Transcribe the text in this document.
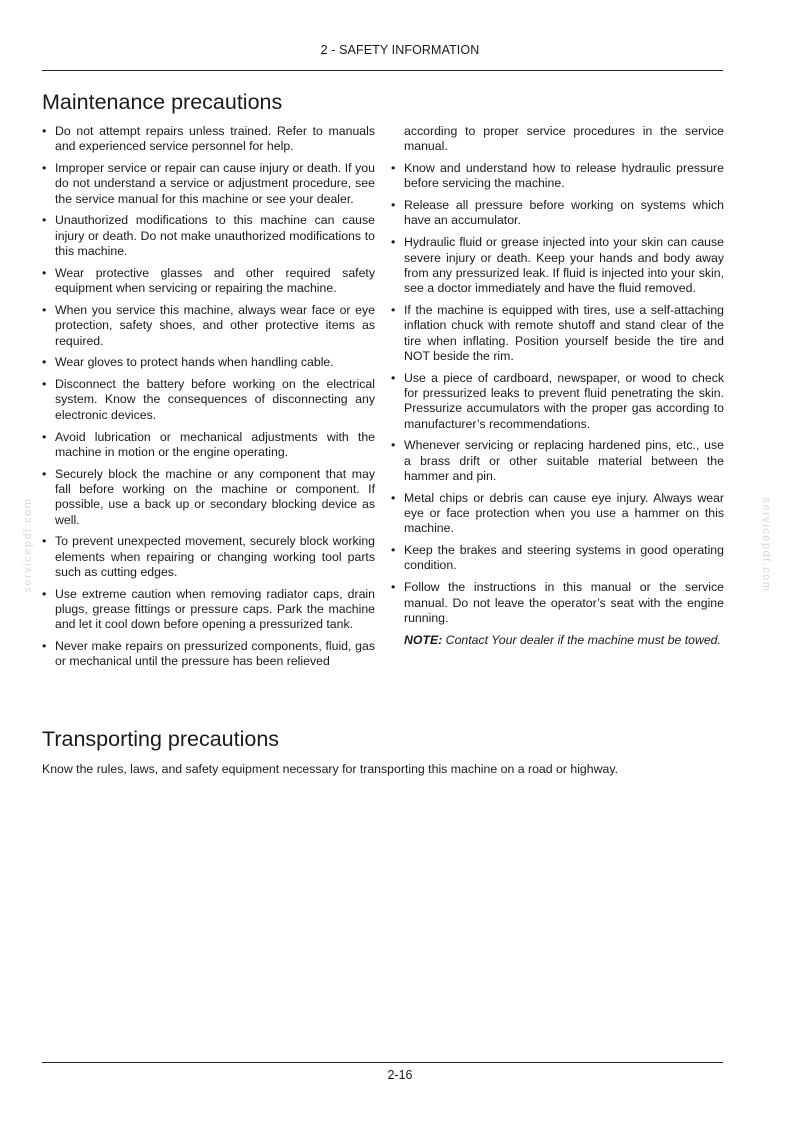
2 - SAFETY INFORMATION
Maintenance precautions
• Do not attempt repairs unless trained. Refer to manuals and experienced service personnel for help.
• Improper service or repair can cause injury or death. If you do not understand a service or adjustment procedure, see the service manual for this machine or see your dealer.
• Unauthorized modifications to this machine can cause injury or death. Do not make unauthorized modifications to this machine.
• Wear protective glasses and other required safety equipment when servicing or repairing the machine.
• When you service this machine, always wear face or eye protection, safety shoes, and other protective items as required.
• Wear gloves to protect hands when handling cable.
• Disconnect the battery before working on the electrical system. Know the consequences of disconnecting any electronic devices.
• Avoid lubrication or mechanical adjustments with the machine in motion or the engine operating.
• Securely block the machine or any component that may fall before working on the machine or component. If possible, use a back up or secondary blocking device as well.
• To prevent unexpected movement, securely block working elements when repairing or changing working tool parts such as cutting edges.
• Use extreme caution when removing radiator caps, drain plugs, grease fittings or pressure caps. Park the machine and let it cool down before opening a pressurized tank.
• Never make repairs on pressurized components, fluid, gas or mechanical until the pressure has been relieved
according to proper service procedures in the service manual.
• Know and understand how to release hydraulic pressure before servicing the machine.
• Release all pressure before working on systems which have an accumulator.
• Hydraulic fluid or grease injected into your skin can cause severe injury or death. Keep your hands and body away from any pressurized leak. If fluid is injected into your skin, see a doctor immediately and have the fluid removed.
• If the machine is equipped with tires, use a self-attaching inflation chuck with remote shutoff and stand clear of the tire when inflating. Position yourself beside the tire and NOT beside the rim.
• Use a piece of cardboard, newspaper, or wood to check for pressurized leaks to prevent fluid penetrating the skin. Pressurize accumulators with the proper gas according to manufacturer’s recommendations.
• Whenever servicing or replacing hardened pins, etc., use a brass drift or other suitable material between the hammer and pin.
• Metal chips or debris can cause eye injury. Always wear eye or face protection when you use a hammer on this machine.
• Keep the brakes and steering systems in good operating condition.
• Follow the instructions in this manual or the service manual. Do not leave the operator’s seat with the engine running.
NOTE: Contact Your dealer if the machine must be towed.
Transporting precautions
Know the rules, laws, and safety equipment necessary for transporting this machine on a road or highway.
servicepdf.com	servicepdf.com
2-16
